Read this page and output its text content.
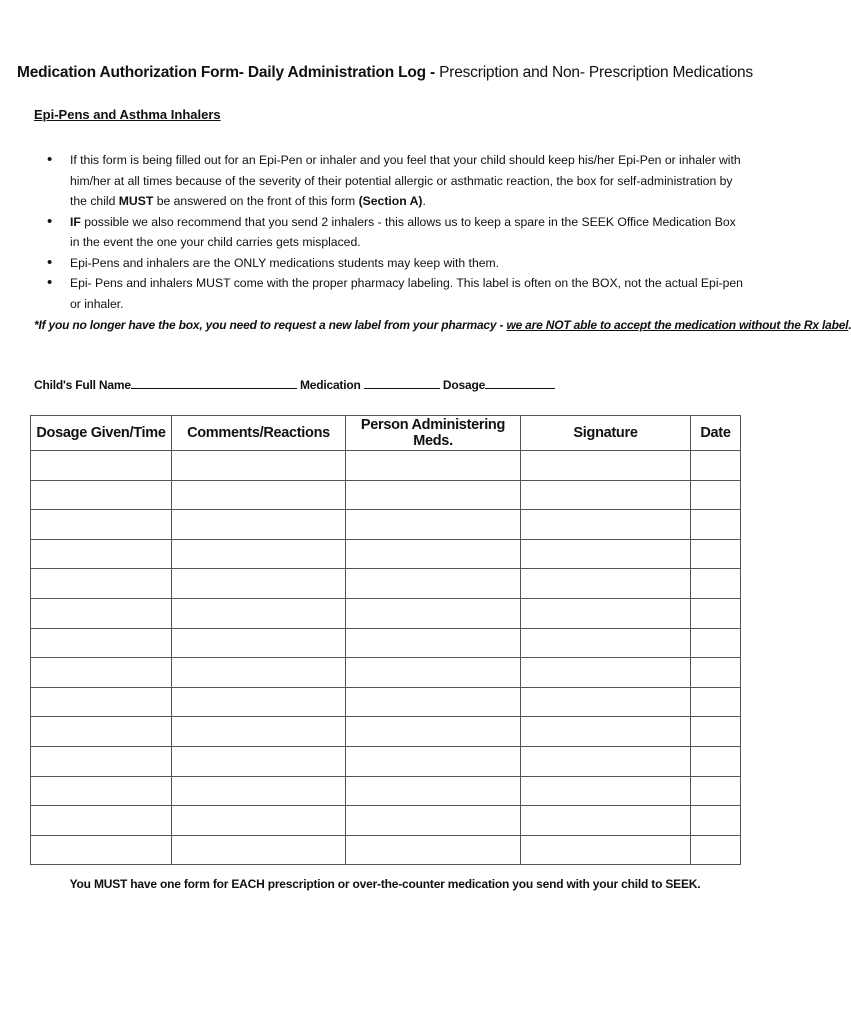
Medication Authorization Form- Daily Administration Log - Prescription and Non- Prescription Medications
Epi-Pens and Asthma Inhalers
• If this form is being filled out for an Epi-Pen or inhaler and you feel that your child should keep his/her Epi-Pen or inhaler with him/her at all times because of the severity of their potential allergic or asthmatic reaction, the box for self-administration by the child MUST be answered on the front of this form (Section A).
• IF possible we also recommend that you send 2 inhalers - this allows us to keep a spare in the SEEK Office Medication Box in the event the one your child carries gets misplaced.
• Epi-Pens and inhalers are the ONLY medications students may keep with them.
• Epi- Pens and inhalers MUST come with the proper pharmacy labeling. This label is often on the BOX, not the actual Epi-pen or inhaler.
*If you no longer have the box, you need to request a new label from your pharmacy - we are NOT able to accept the medication without the Rx label
Child's Full Name	Medication	Dosage
Dosage Given/Time	Comments/Reactions	Person Administering Meds.	Signature	Date

You MUST have one form for EACH prescription or over-the-counter medication you send with your child to SEEK.
